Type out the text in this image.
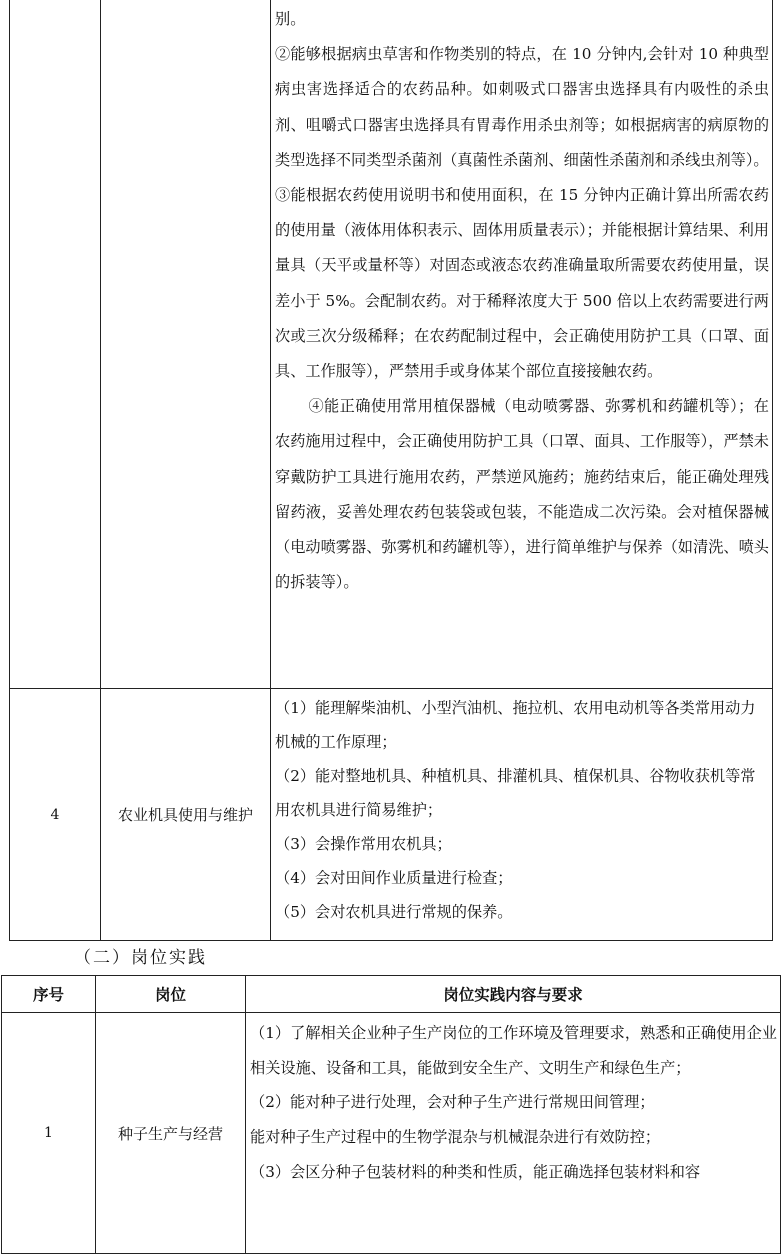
		别。

②能够根据病虫草害和作物类别的特点，在 10 分钟内,会针对 10 种典型病虫害选择适合的农药品种。如刺吸式口器害虫选择具有内吸性的杀虫剂、咀嚼式口器害虫选择具有胃毒作用杀虫剂等；如根据病害的病原物的类型选择不同类型杀菌剂（真菌性杀菌剂、细菌性杀菌剂和杀线虫剂等）。

③能根据农药使用说明书和使用面积，在 15 分钟内正确计算出所需农药的使用量（液体用体积表示、固体用质量表示）；并能根据计算结果、利用量具（天平或量杯等）对固态或液态农药准确量取所需要农药使用量，误差小于 5%。会配制农药。对于稀释浓度大于 500 倍以上农药需要进行两次或三次分级稀释；在农药配制过程中，会正确使用防护工具（口罩、面具、工作服等），严禁用手或身体某个部位直接接触农药。

④能正确使用常用植保器械（电动喷雾器、弥雾机和药罐机等）；在农药施用过程中，会正确使用防护工具（口罩、面具、工作服等），严禁未穿戴防护工具进行施用农药，严禁逆风施药；施药结束后，能正确处理残留药液，妥善处理农药包装袋或包装，不能造成二次污染。会对植保器械（电动喷雾器、弥雾机和药罐机等），进行简单维护与保养（如清洗、喷头的拆装等）。

4	农业机具使用与维护	（1）能理解柴油机、小型汽油机、拖拉机、农用电动机等各类常用动力机械的工作原理；

（2）能对整地机具、种植机具、排灌机具、植保机具、谷物收获机等常用农机具进行简易维护；

（3）会操作常用农机具；

（4）会对田间作业质量进行检查；

（5）会对农机具进行常规的保养。

（二）岗位实践
序号	岗位	岗位实践内容与要求
1	种子生产与经营	（1）了解相关企业种子生产岗位的工作环境及管理要求，熟悉和正确使用企业相关设施、设备和工具，能做到安全生产、文明生产和绿色生产；

（2）能对种子进行处理，会对种子生产进行常规田间管理；

能对种子生产过程中的生物学混杂与机械混杂进行有效防控；

（3）会区分种子包装材料的种类和性质，能正确选择包装材料和容
